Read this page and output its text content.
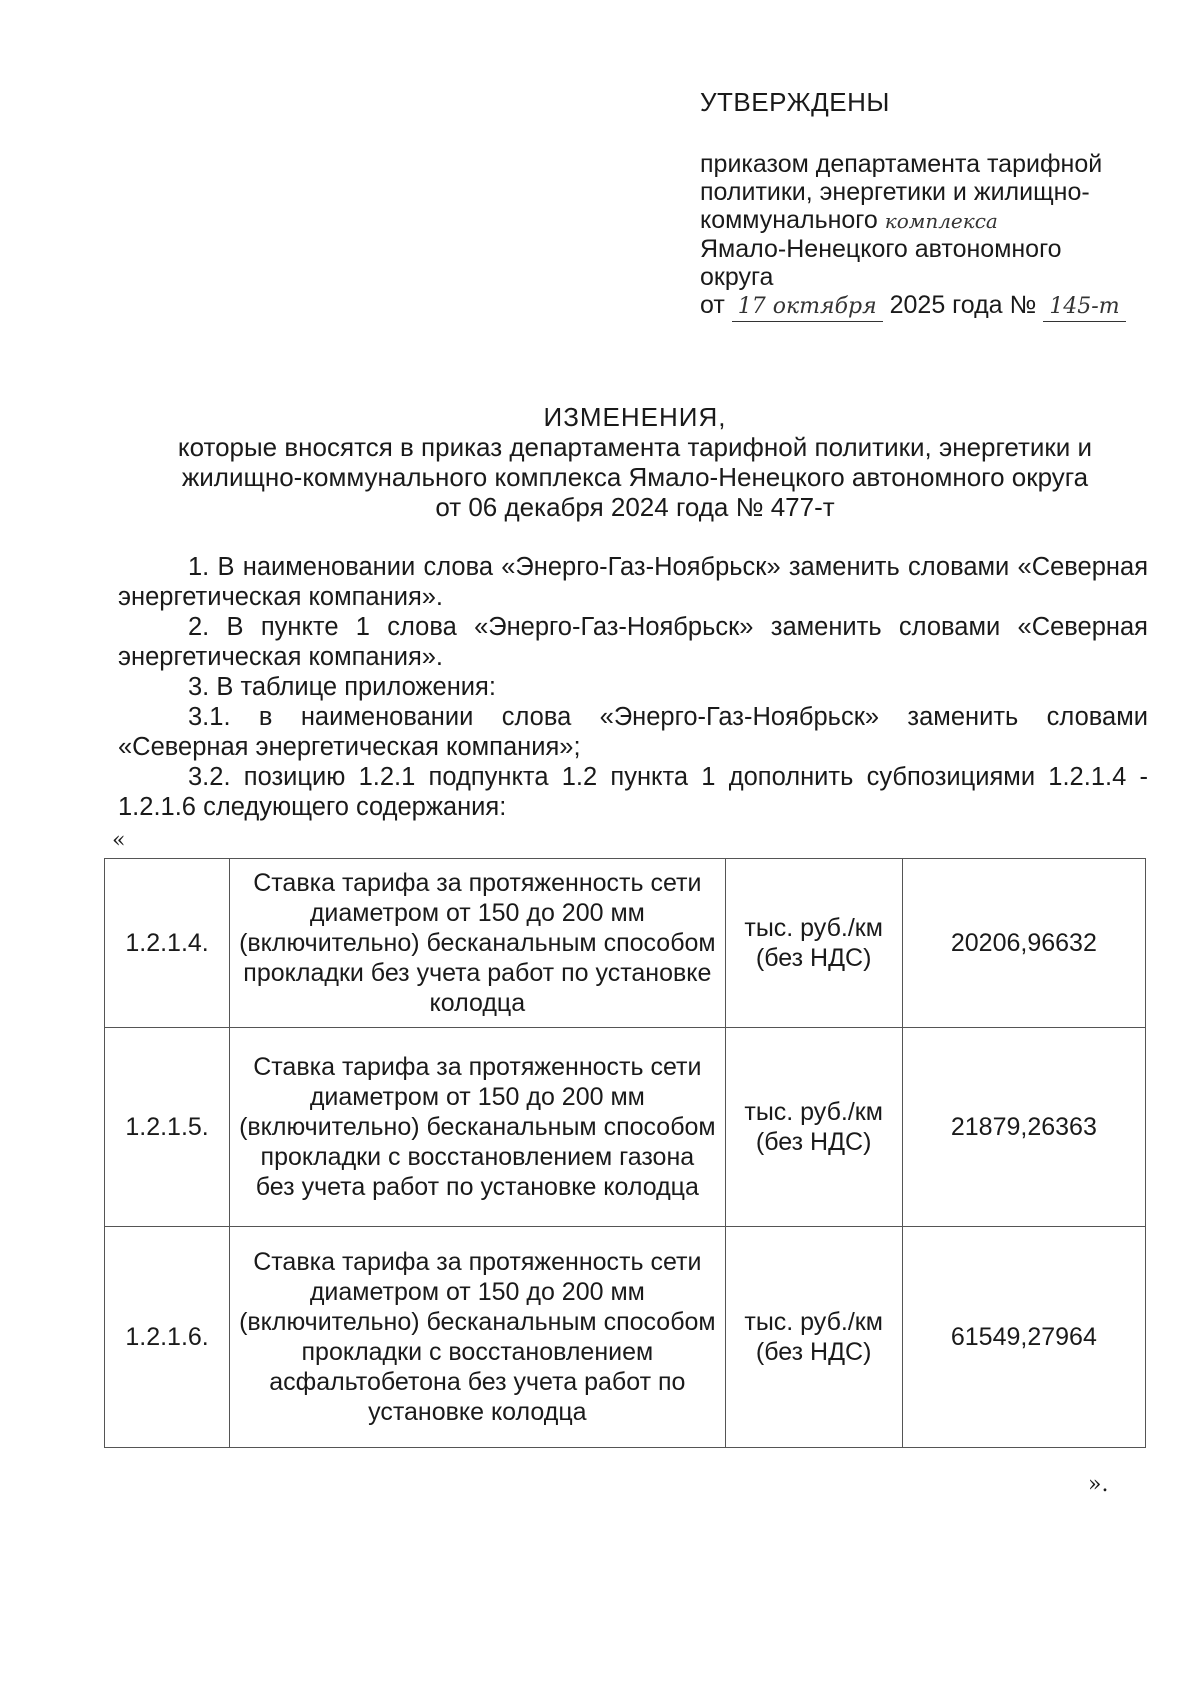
УТВЕРЖДЕНЫ
приказом департамента тарифной
политики, энергетики и жилищно-
коммунального комплекса
Ямало-Ненецкого автономного
округа
от 17 октября 2025 года № 145-т
ИЗМЕНЕНИЯ,
которые вносятся в приказ департамента тарифной политики, энергетики и
жилищно-коммунального комплекса Ямало-Ненецкого автономного округа
от 06 декабря 2024 года № 477-т

1. В наименовании слова «Энерго-Газ-Ноябрьск» заменить словами «Северная энергетическая компания».

2. В пункте 1 слова «Энерго-Газ-Ноябрьск» заменить словами «Северная энергетическая компания».

3. В таблице приложения:

3.1. в наименовании слова «Энерго-Газ-Ноябрьск» заменить словами «Северная энергетическая компания»;

3.2. позицию 1.2.1 подпункта 1.2 пункта 1 дополнить субпозициями 1.2.1.4 - 1.2.1.6 следующего содержания:

«
1.2.1.4.	Ставка тарифа за протяженность сети диаметром от 150 до 200 мм (включительно) бесканальным способом прокладки без учета работ по установке колодца	тыс. руб./км (без НДС)	20206,96632
1.2.1.5.	Ставка тарифа за протяженность сети диаметром от 150 до 200 мм (включительно) бесканальным способом прокладки с восстановлением газона без учета работ по установке колодца	тыс. руб./км (без НДС)	21879,26363
1.2.1.6.	Ставка тарифа за протяженность сети диаметром от 150 до 200 мм (включительно) бесканальным способом прокладки с восстановлением асфальтобетона без учета работ по установке колодца	тыс. руб./км (без НДС)	61549,27964
».
